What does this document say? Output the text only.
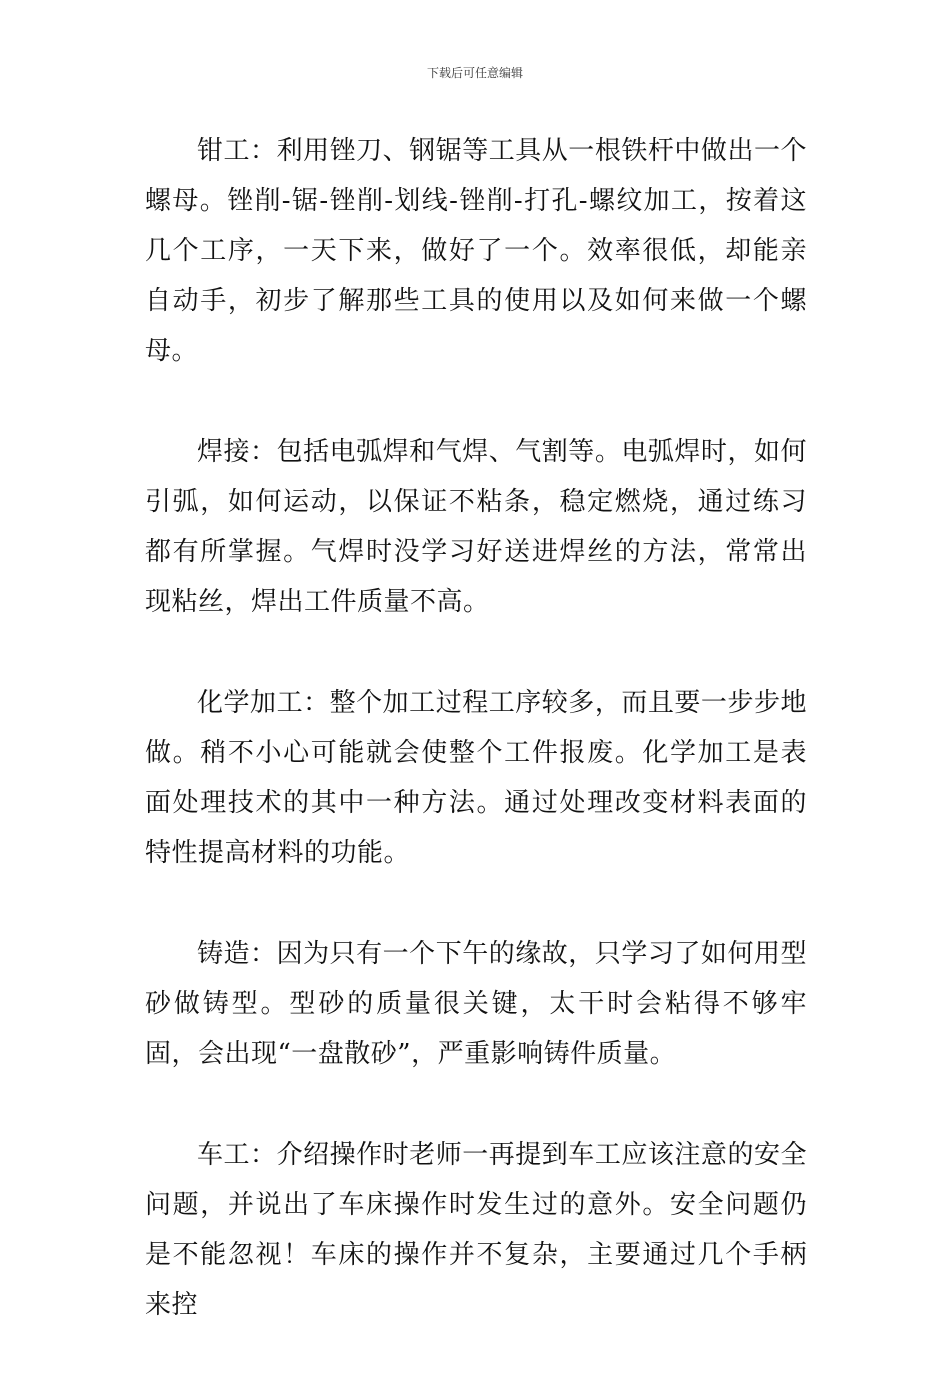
下载后可任意编辑

钳工：利用锉刀、钢锯等工具从一根铁杆中做出一个螺母。锉削-锯-锉削-划线-锉削-打孔-螺纹加工，按着这几个工序，一天下来，做好了一个。效率很低，却能亲自动手，初步了解那些工具的使用以及如何来做一个螺母。

焊接：包括电弧焊和气焊、气割等。电弧焊时，如何引弧，如何运动，以保证不粘条，稳定燃烧，通过练习都有所掌握。气焊时没学习好送进焊丝的方法，常常出现粘丝，焊出工件质量不高。

化学加工：整个加工过程工序较多，而且要一步步地做。稍不小心可能就会使整个工件报废。化学加工是表面处理技术的其中一种方法。通过处理改变材料表面的特性提高材料的功能。

铸造：因为只有一个下午的缘故，只学习了如何用型砂做铸型。型砂的质量很关键，太干时会粘得不够牢固，会出现“一盘散砂”，严重影响铸件质量。

车工：介绍操作时老师一再提到车工应该注意的安全问题，并说出了车床操作时发生过的意外。安全问题仍是不能忽视！车床的操作并不复杂，主要通过几个手柄来控
